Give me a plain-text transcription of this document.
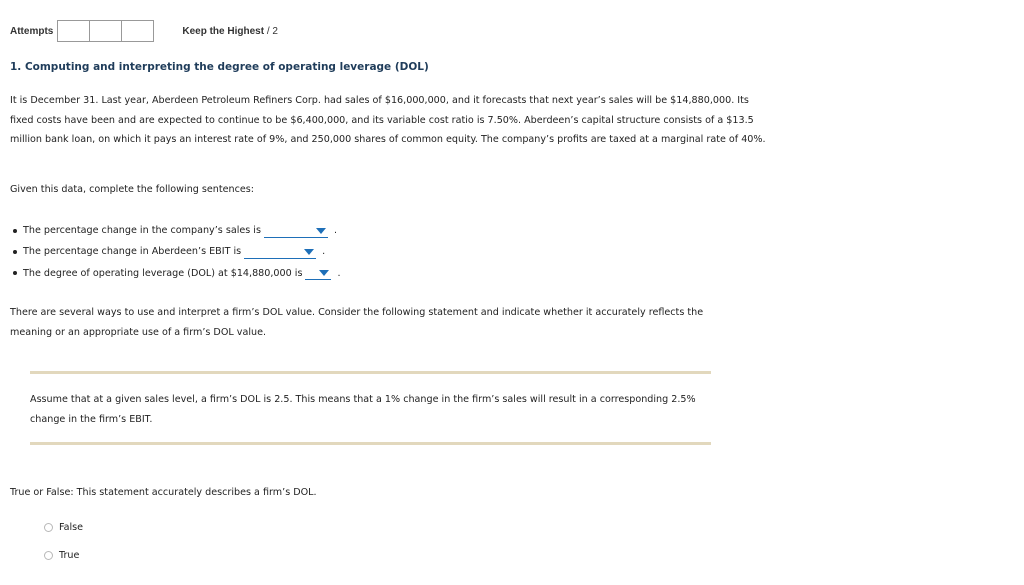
Attempts	Keep the Highest / 2
1. Computing and interpreting the degree of operating leverage (DOL)

It is December 31. Last year, Aberdeen Petroleum Refiners Corp. had sales of $16,000,000, and it forecasts that next year’s sales will be $14,880,000. Its fixed costs have been and are expected to continue to be $6,400,000, and its variable cost ratio is 7.50%. Aberdeen’s capital structure consists of a $13.5 million bank loan, on which it pays an interest rate of 9%, and 250,000 shares of common equity. The company’s profits are taxed at a marginal rate of 40%.

Given this data, complete the following sentences:

The percentage change in the company’s sales is	.
The percentage change in Aberdeen’s EBIT is	.
The degree of operating leverage (DOL) at $14,880,000 is	.

There are several ways to use and interpret a firm’s DOL value. Consider the following statement and indicate whether it accurately reflects the meaning or an appropriate use of a firm’s DOL value.

Assume that at a given sales level, a firm’s DOL is 2.5. This means that a 1% change in the firm’s sales will result in a corresponding 2.5% change in the firm’s EBIT.

True or False: This statement accurately describes a firm’s DOL.

False
True
